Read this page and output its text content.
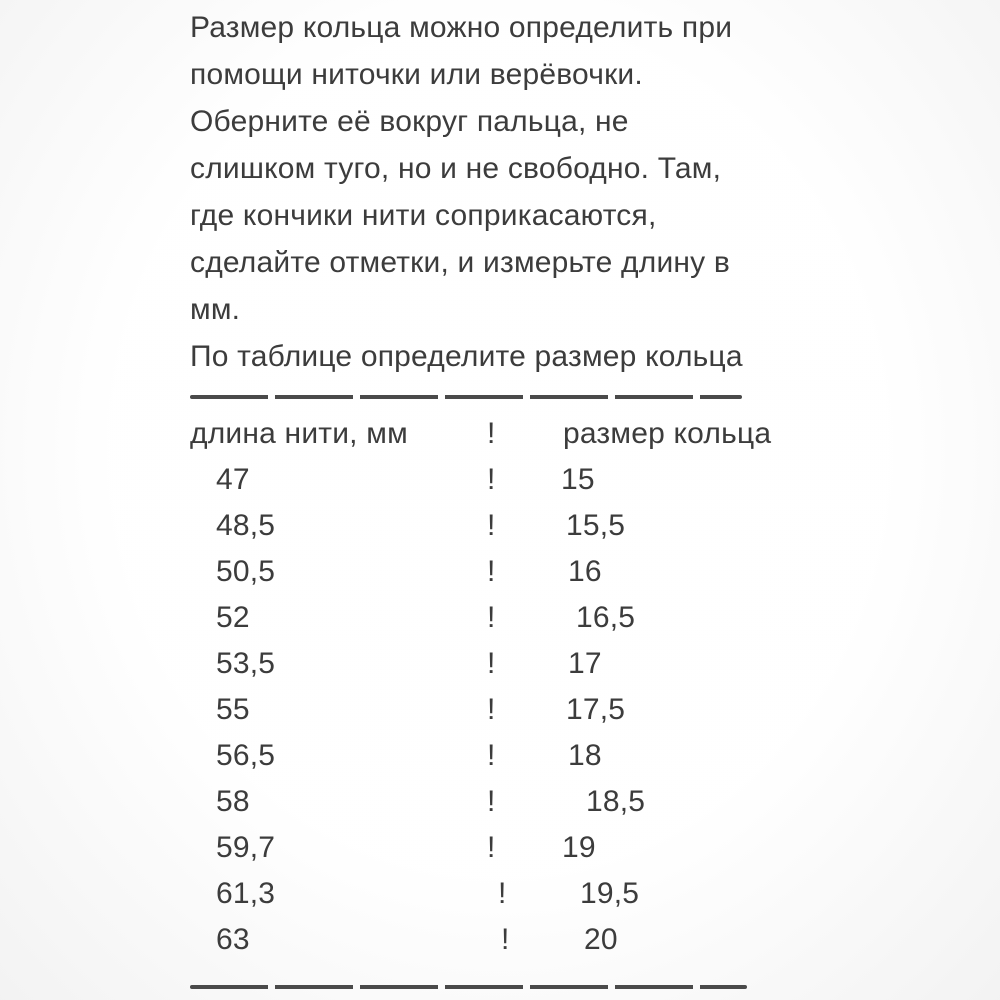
Размер кольца можно определить при
помощи ниточки или верёвочки.
Оберните её вокруг пальца, не
слишком туго, но и не свободно. Там,
где кончики нити соприкасаются,
сделайте отметки, и измерьте длину в
мм.
По таблице определите размер кольца
длина нити, мм	!	размер кольца
47	!	15
48,5	!	15,5
50,5	!	16
52	!	16,5
53,5	!	17
55	!	17,5
56,5	!	18
58	!	18,5
59,7	!	19
61,3	!	19,5
63	!	20
